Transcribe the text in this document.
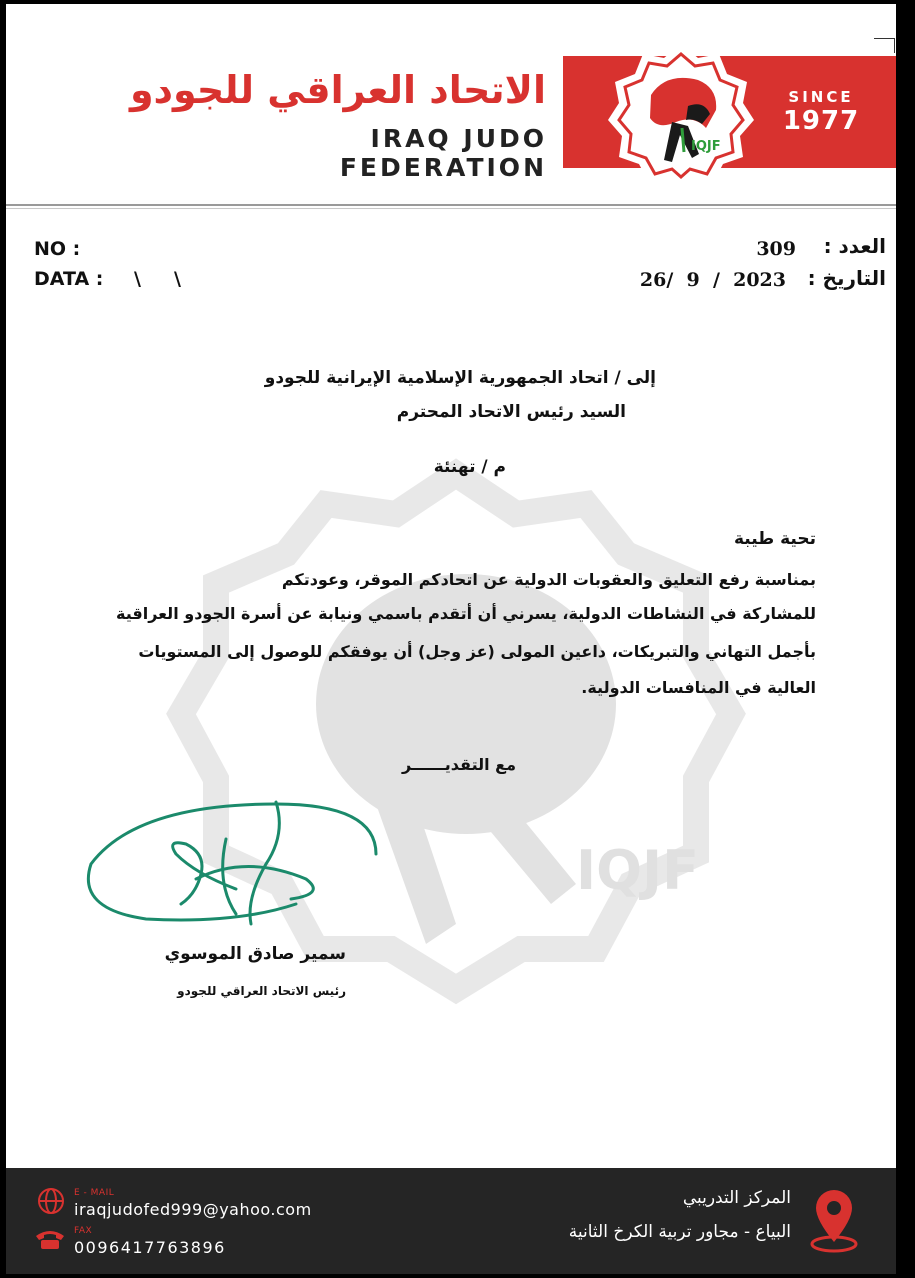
IQJF
الاتحاد العراقي للجودو
IRAQ JUDO FEDERATION
IQJF
SINCE
1977
NO :
DATA : \     \
العدد :
309
التاريخ :
26/  9  /  2023
إلى / اتحاد الجمهورية الإسلامية الإيرانية للجودو
السيد رئيس الاتحاد المحترم
م / تهنئة
تحية طيبة
بمناسبة رفع التعليق والعقوبات الدولية عن اتحادكم الموقر، وعودتكم
للمشاركة في النشاطات الدولية، يسرني أن أتقدم باسمي ونيابة عن أسرة الجودو العراقية
بأجمل التهاني والتبريكات، داعين المولى (عز وجل) أن يوفقكم للوصول إلى المستويات
العالية في المنافسات الدولية.
مع التقديــــــر
سمير صادق الموسوي
رئيس الاتحاد العراقي للجودو
E - MAIL
iraqjudofed999@yahoo.com
FAX
0096417763896
المركز التدريبي
البياع - مجاور تربية الكرخ الثانية
